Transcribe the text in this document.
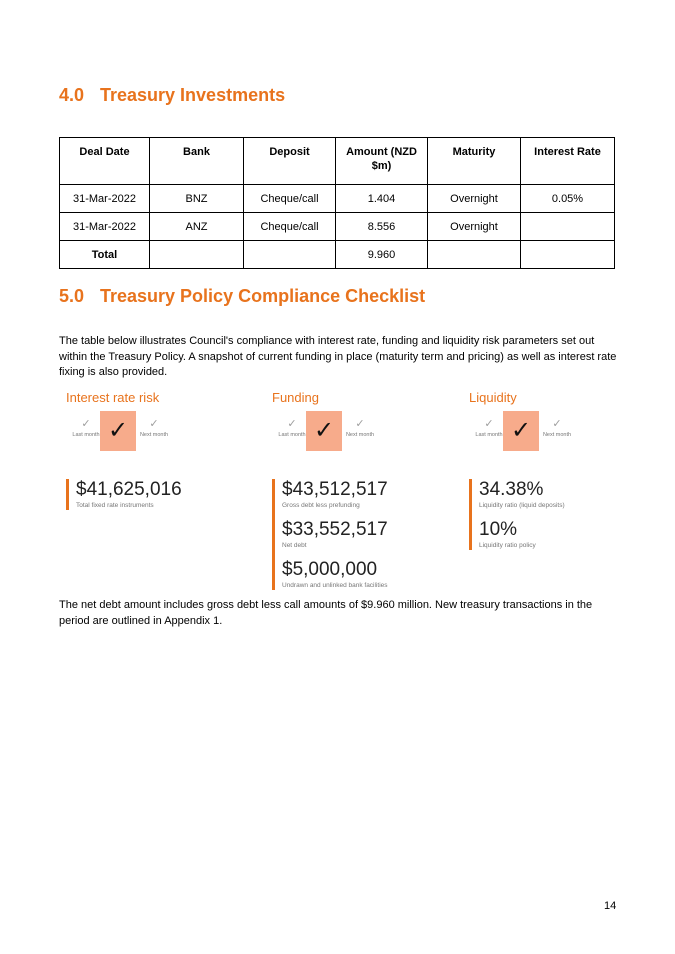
4.0 Treasury Investments
Deal Date	Bank	Deposit	Amount (NZD $m)	Maturity	Interest Rate
31-Mar-2022	BNZ	Cheque/call	1.404	Overnight	0.05%
31-Mar-2022	ANZ	Cheque/call	8.556	Overnight	
Total			9.960		
5.0 Treasury Policy Compliance Checklist

The table below illustrates Council's compliance with interest rate, funding and liquidity risk parameters set out within the Treasury Policy. A snapshot of current funding in place (maturity term and pricing) as well as interest rate fixing is also provided.

Interest rate risk
✓
Last month ✓	✓
Next month
$41,625,016
Total fixed rate instruments
Funding
✓
Last month ✓	✓
Next month
$43,512,517
Gross debt less prefunding
$33,552,517
Net debt
$5,000,000
Undrawn and unlinked bank facilities
Liquidity
✓
Last month ✓	✓
Next month
34.38%
Liquidity ratio (liquid deposits)
10%
Liquidity ratio policy

The net debt amount includes gross debt less call amounts of $9.960 million. New treasury transactions in the period are outlined in Appendix 1.

14
